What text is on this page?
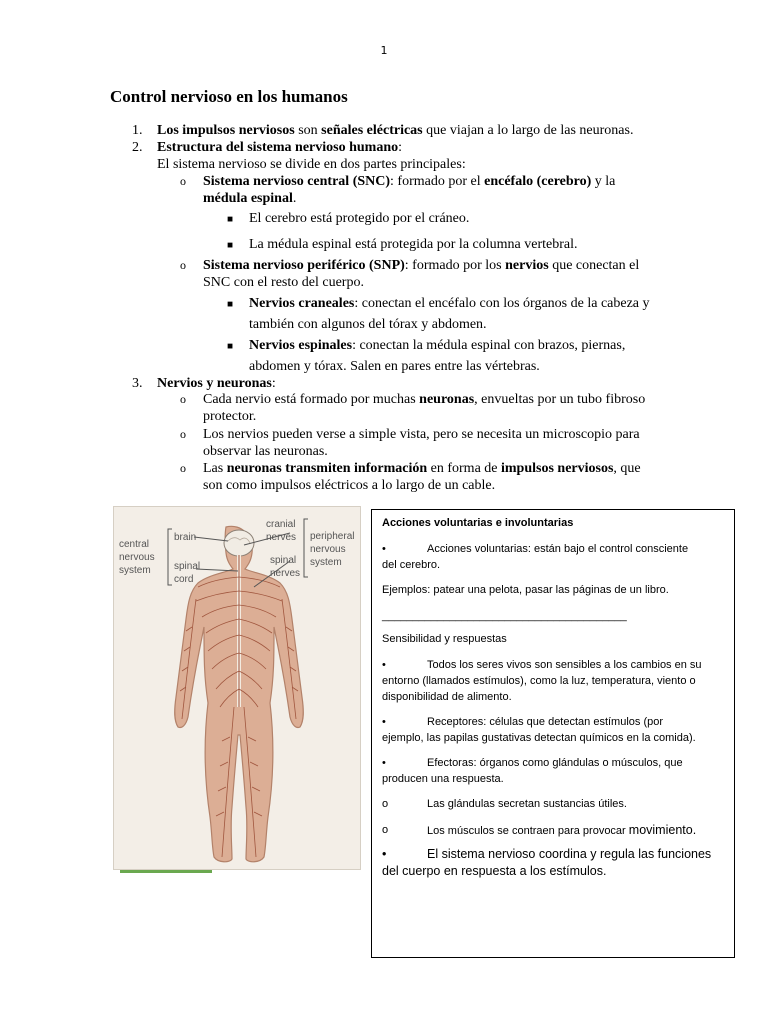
1
Control nervioso en los humanos
1. Los impulsos nerviosos son señales eléctricas que viajan a lo largo de las neuronas.
2. Estructura del sistema nervioso humano:
El sistema nervioso se divide en dos partes principales:
o Sistema nervioso central (SNC): formado por el encéfalo (cerebro) y la
médula espinal.
■ El cerebro está protegido por el cráneo.
■ La médula espinal está protegida por la columna vertebral.
o Sistema nervioso periférico (SNP): formado por los nervios que conectan el
SNC con el resto del cuerpo.
■ Nervios craneales: conectan el encéfalo con los órganos de la cabeza y
también con algunos del tórax y abdomen.
■ Nervios espinales: conectan la médula espinal con brazos, piernas,
abdomen y tórax. Salen en pares entre las vértebras.
3. Nervios y neuronas:
o Cada nervio está formado por muchas neuronas, envueltas por un tubo fibroso
protector.
o Los nervios pueden verse a simple vista, pero se necesita un microscopio para
observar las neuronas.
o Las neuronas transmiten información en forma de impulsos nerviosos, que
son como impulsos eléctricos a lo largo de un cable.
central
nervous
system
brain
spinal
cord
cranial
nerves
spinal
nerves
peripheral
nervous
system
Acciones voluntarias e involuntarias
•	Acciones voluntarias: están bajo el control consciente

del cerebro.
Ejemplos: patear una pelota, pasar las páginas de un libro.
________________________________________
Sensibilidad y respuestas
•	Todos los seres vivos son sensibles a los cambios en su

entorno (llamados estímulos), como la luz, temperatura, viento o
disponibilidad de alimento.
•	Receptores: células que detectan estímulos (por

ejemplo, las papilas gustativas detectan químicos en la comida).
•	Efectoras: órganos como glándulas o músculos, que

producen una respuesta.
o	Las glándulas secretan sustancias útiles.
o	Los músculos se contraen para provocar movimiento.
•	El sistema nervioso coordina y regula las funciones

del cuerpo en respuesta a los estímulos.
